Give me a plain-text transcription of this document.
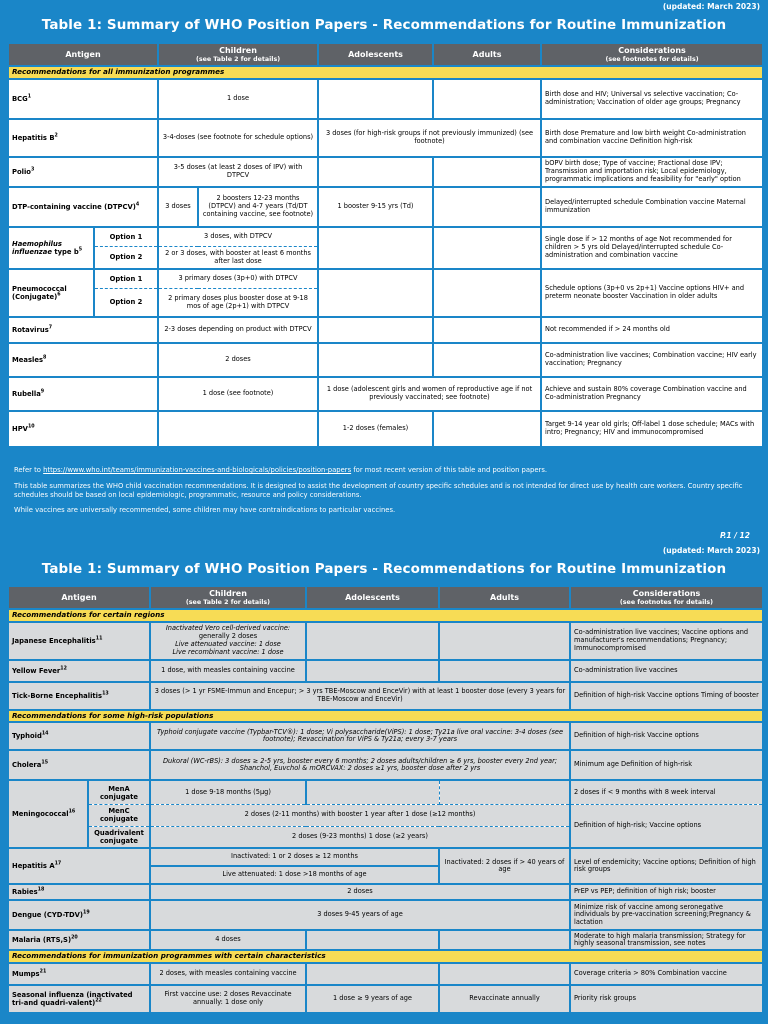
(updated: March 2023)
Table 1: Summary of WHO Position Papers - Recommendations for Routine Immunization
Antigen		Children
(see Table 2 for details)		Adolescents	Adults	Considerations
(see footnotes for details)

Recommendations for all immunization programmes						
BCG$^1$		1 dose				Birth dose and HIV; Universal vs selective vaccination; Co-administration; Vaccination of older age groups; Pregnancy
Hepatitis $B^2$		3-4-doses (see footnote for schedule options)		3 doses (for high-risk groups if not previously immunized) (see footnote)		Birth dose Premature and low birth weight Co-administration and combination vaccine Definition high-risk
Polio$^3$		3-5 doses (at least 2 doses of IPV) with DTPCV				bOPV birth dose; Type of vaccine; Fractional dose IPV; Transmission and importation risk; Local epidemiology, programmatic implications and feasibility for "early" option
DTP-containing vaccine (DTPCV)$^4$		3 doses	2 boosters 12-23 months (DTPCV) and 4-7 years (Td/DT containing vaccine, see footnote)	1 booster 9-15 yrs (Td)		Delayed/interrupted schedule Combination vaccine Maternal immunization
Haemophilus influenzae type $b^5$	Option 1	3 doses, with DTPCV				Single dose if > 12 months of age Not recommended for children > 5 yrs old Delayed/interrupted schedule Co-administration and combination vaccine
	Option 2	2 or 3 doses, with booster at least 6 months after last dose				
Pneumococcal (Conjugate)$^6$	Option 1	3 primary doses (3p+0) with DTPCV				Schedule options (3p+0 vs 2p+1) Vaccine options HIV+ and preterm neonate booster Vaccination in older adults
	Option 2	2 primary doses plus booster dose at 9-18 mos of age (2p+1) with DTPCV				
Rotavirus$^7$		2-3 doses depending on product with DTPCV				Not recommended if > 24 months old
Measles$^8$		2 doses				Co-administration live vaccines; Combination vaccine; HIV early vaccination; Pregnancy
Rubella$^9$		1 dose (see footnote)		1 dose (adolescent girls and women of reproductive age if not previously vaccinated; see footnote)		Achieve and sustain 80% coverage Combination vaccine and Co-administration Pregnancy
HPV$^{10}$				1-2 doses (females)		Target 9-14 year old girls; Off-label 1 dose schedule; MACs with intro; Pregnancy; HIV and immunocompromised

Refer to https://www.who.int/teams/immunization-vaccines-and-biologicals/policies/position-papers for most recent version of this table and position papers.

This table summarizes the WHO child vaccination recommendations. It is designed to assist the development of country specific schedules and is not intended for direct use by health care workers. Country specific schedules should be based on local epidemiologic, programmatic, resource and policy considerations.

While vaccines are universally recommended, some children may have contraindications to particular vaccines.

P.1 / 12
(updated: March 2023)
Table 1: Summary of WHO Position Papers - Recommendations for Routine Immunization
Antigen		Children
(see Table 2 for details)	Adolescents	Adults	Considerations
(see footnotes for details)

Recommendations for certain regions					
Japanese Encephalitis$^{11}$		Inactivated Vero cell-derived vaccine:
generally 2 doses
Live attenuated vaccine: 1 dose
Live recombinant vaccine: 1 dose			Co-administration live vaccines; Vaccine options and manufacturer's recommendations; Pregnancy; Immunocompromised
Yellow Fever$^{12}$		1 dose, with measles containing vaccine			Co-administration live vaccines
Tick-Borne Encephalitis$^{13}$		3 doses (> 1 yr FSME-Immun and Encepur; > 3 yrs TBE-Moscow and EnceVir) with at least 1 booster dose (every 3 years for TBE-Moscow and EnceVir)			Definition of high-risk Vaccine options Timing of booster
Recommendations for some high-risk populations					
Typhoid$^{14}$		Typhoid conjugate vaccine (Typbar-TCV®): 1 dose; Vi polysaccharide(ViPS): 1 dose; Ty21a live oral vaccine: 3-4 doses (see footnote); Revaccination for ViPS & Ty21a; every 3-7 years			Definition of high-risk Vaccine options
Cholera$^{15}$		Dukoral (WC-rBS): 3 doses ≥ 2-5 yrs, booster every 6 months; 2 doses adults/children ≥ 6 yrs, booster every 2nd year; Shanchol, Euvchol & mORCVAX: 2 doses ≥1 yrs, booster dose after 2 yrs			Minimum age Definition of high-risk
Meningococcal$^{16}$	MenA conjugate	1 dose 9-18 months (5µg)			2 doses if < 9 months with 8 week interval
	MenC conjugate	2 doses (2-11 months) with booster 1 year after 1 dose (≥12 months)			Definition of high-risk; Vaccine options
	Quadrivalent conjugate	2 doses (9-23 months) 1 dose (≥2 years)			
Hepatitis $A^{17}$		Inactivated: 1 or 2 doses ≥ 12 months		Inactivated: 2 doses if > 40 years of age	Level of endemicity; Vaccine options; Definition of high risk groups
		Live attenuated: 1 dose >18 months of age			
Rabies$^{18}$		2 doses			PrEP vs PEP; definition of high risk; booster
Dengue $(CYD-TDV)^{19}$		3 doses 9-45 years of age			Minimize risk of vaccine among seronegative individuals by pre-vaccination screening;Pregnancy & lactation
Malaria $(RTS,S)^{20}$		4 doses			Moderate to high malaria transmission; Strategy for highly seasonal transmission, see notes
Recommendations for immunization programmes with certain characteristics					
Mumps$^{21}$		2 doses, with measles containing vaccine			Coverage criteria > 80% Combination vaccine
Seasonal influenza (inactivated tri-and quadri-valent)$^{22}$		First vaccine use: 2 doses Revaccinate annually: 1 dose only	1 dose ≥ 9 years of age	Revaccinate annually	Priority risk groups
